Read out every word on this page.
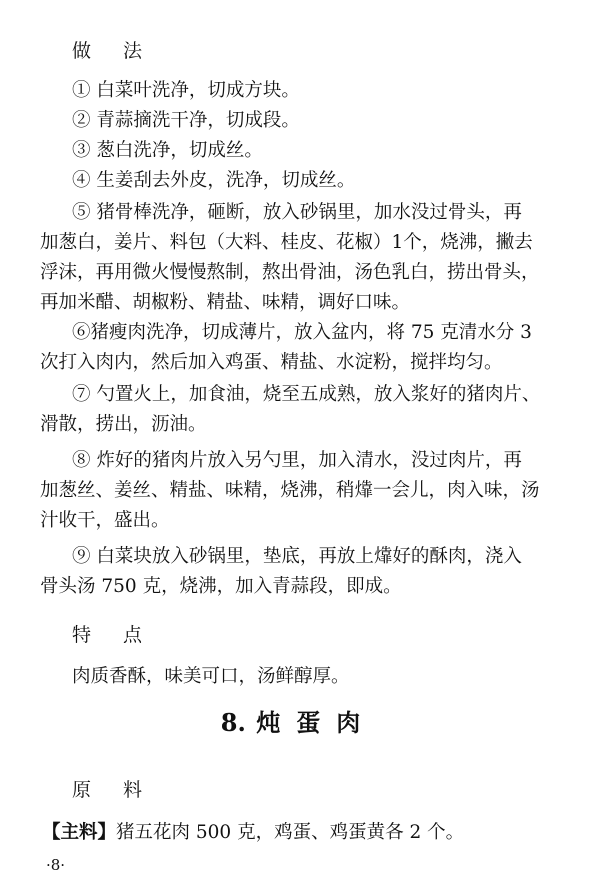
做 法
① 白菜叶洗净，切成方块。
② 青蒜摘洗干净，切成段。
③ 葱白洗净，切成丝。
④ 生姜刮去外皮，洗净，切成丝。
⑤ 猪骨棒洗净，砸断，放入砂锅里，加水没过骨头，再
加葱白，姜片、料包（大料、桂皮、花椒）1个，烧沸，撇去
浮沫，再用微火慢慢熬制，熬出骨油，汤色乳白，捞出骨头，
再加米醋、胡椒粉、精盐、味精，调好口味。
⑥猪瘦肉洗净，切成薄片，放入盆内，将 75 克清水分 3
次打入肉内，然后加入鸡蛋、精盐、水淀粉，搅拌均匀。
⑦ 勺置火上，加食油，烧至五成熟，放入浆好的猪肉片、
滑散，捞出，沥油。
⑧ 炸好的猪肉片放入另勺里，加入清水，没过肉片，再
加葱丝、姜丝、精盐、味精，烧沸，稍㸆一会儿，肉入味，汤
汁收干，盛出。
⑨ 白菜块放入砂锅里，垫底，再放上㸆好的酥肉，浇入
骨头汤 750 克，烧沸，加入青蒜段，即成。
特 点
肉质香酥，味美可口，汤鲜醇厚。
8. 炖蛋肉
原 料
【主料】猪五花肉 500 克，鸡蛋、鸡蛋黄各 2 个。
·8·
